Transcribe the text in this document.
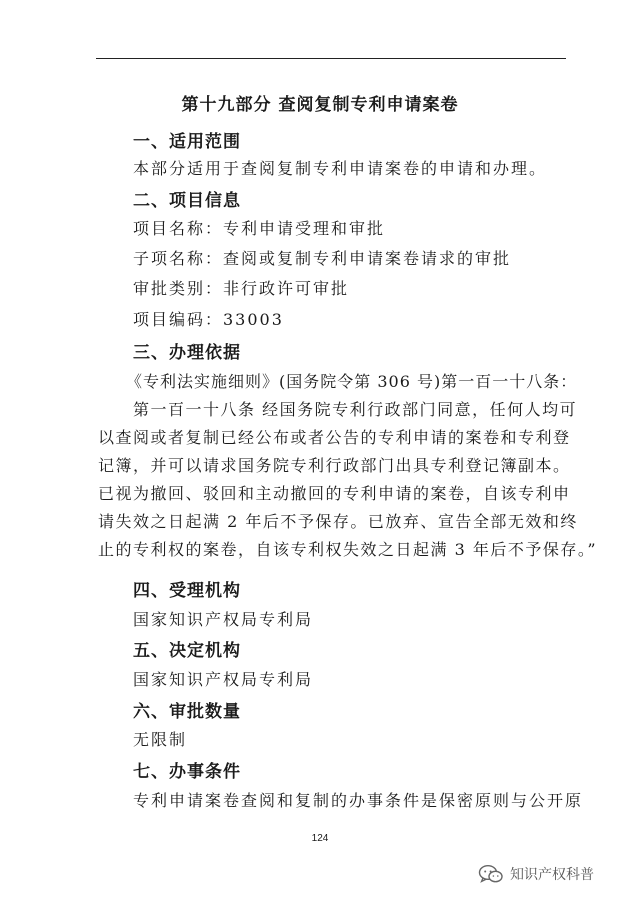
第十九部分 查阅复制专利申请案卷
一、适用范围
本部分适用于查阅复制专利申请案卷的申请和办理。
二、项目信息
项目名称：专利申请受理和审批
子项名称：查阅或复制专利申请案卷请求的审批
审批类别：非行政许可审批
项目编码：33003
三、办理依据
《专利法实施细则》(国务院令第 306 号)第一百一十八条：
第一百一十八条 经国务院专利行政部门同意，任何人均可
以查阅或者复制已经公布或者公告的专利申请的案卷和专利登
记簿，并可以请求国务院专利行政部门出具专利登记簿副本。
已视为撤回、驳回和主动撤回的专利申请的案卷，自该专利申
请失效之日起满 2 年后不予保存。已放弃、宣告全部无效和终
止的专利权的案卷，自该专利权失效之日起满 3 年后不予保存。”
四、受理机构
国家知识产权局专利局
五、决定机构
国家知识产权局专利局
六、审批数量
无限制
七、办事条件
专利申请案卷查阅和复制的办事条件是保密原则与公开原
124
知识产权科普
